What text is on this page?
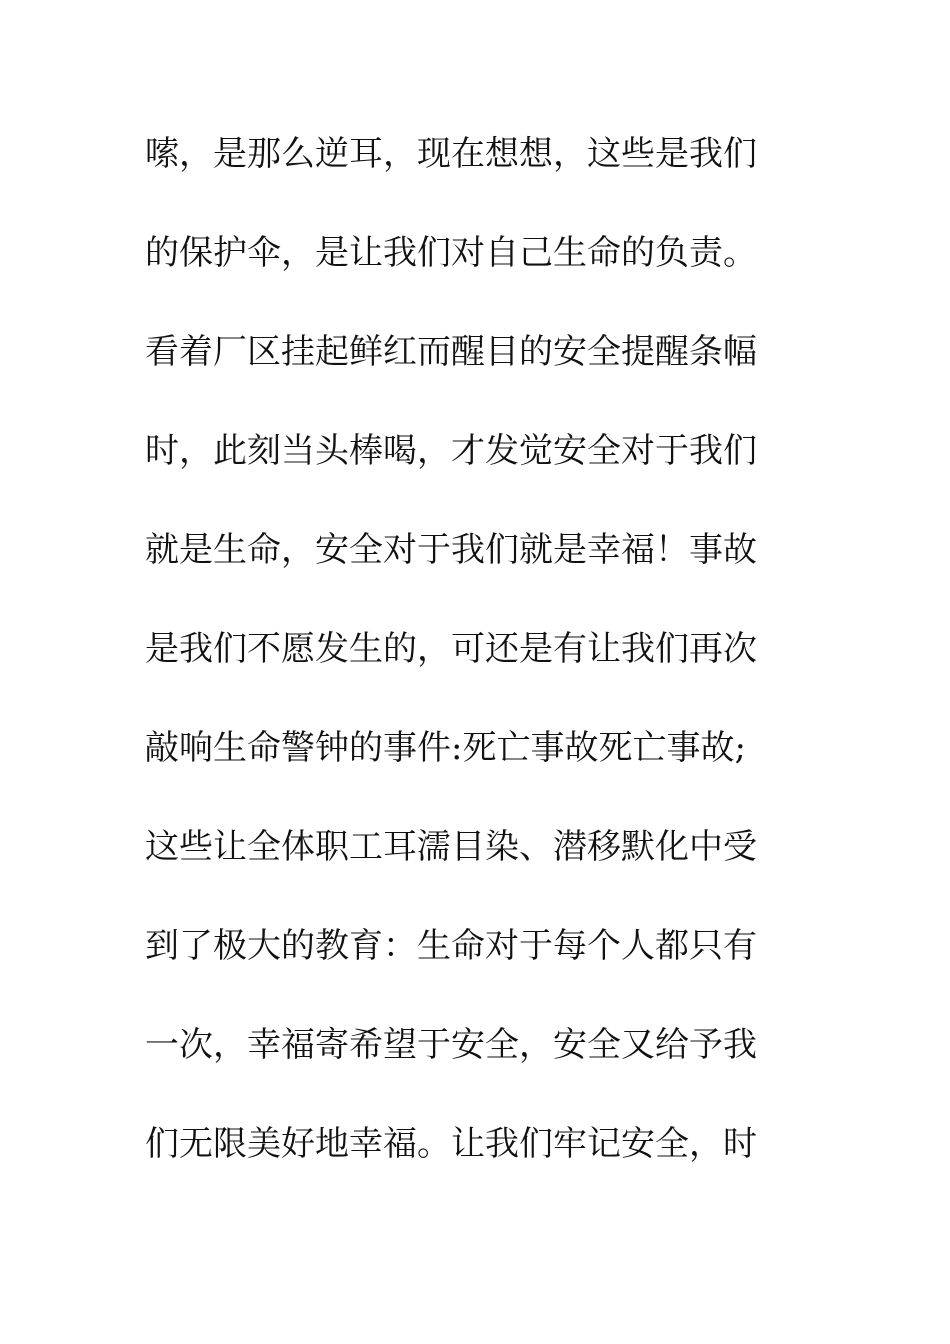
嗦，是那么逆耳，现在想想，这些是我们
的保护伞，是让我们对自己生命的负责。
看着厂区挂起鲜红而醒目的安全提醒条幅
时，此刻当头棒喝，才发觉安全对于我们
就是生命，安全对于我们就是幸福！事故
是我们不愿发生的，可还是有让我们再次
敲响生命警钟的事件:死亡事故死亡事故;
这些让全体职工耳濡目染、潜移默化中受
到了极大的教育：生命对于每个人都只有
一次，幸福寄希望于安全，安全又给予我
们无限美好地幸福。让我们牢记安全，时
